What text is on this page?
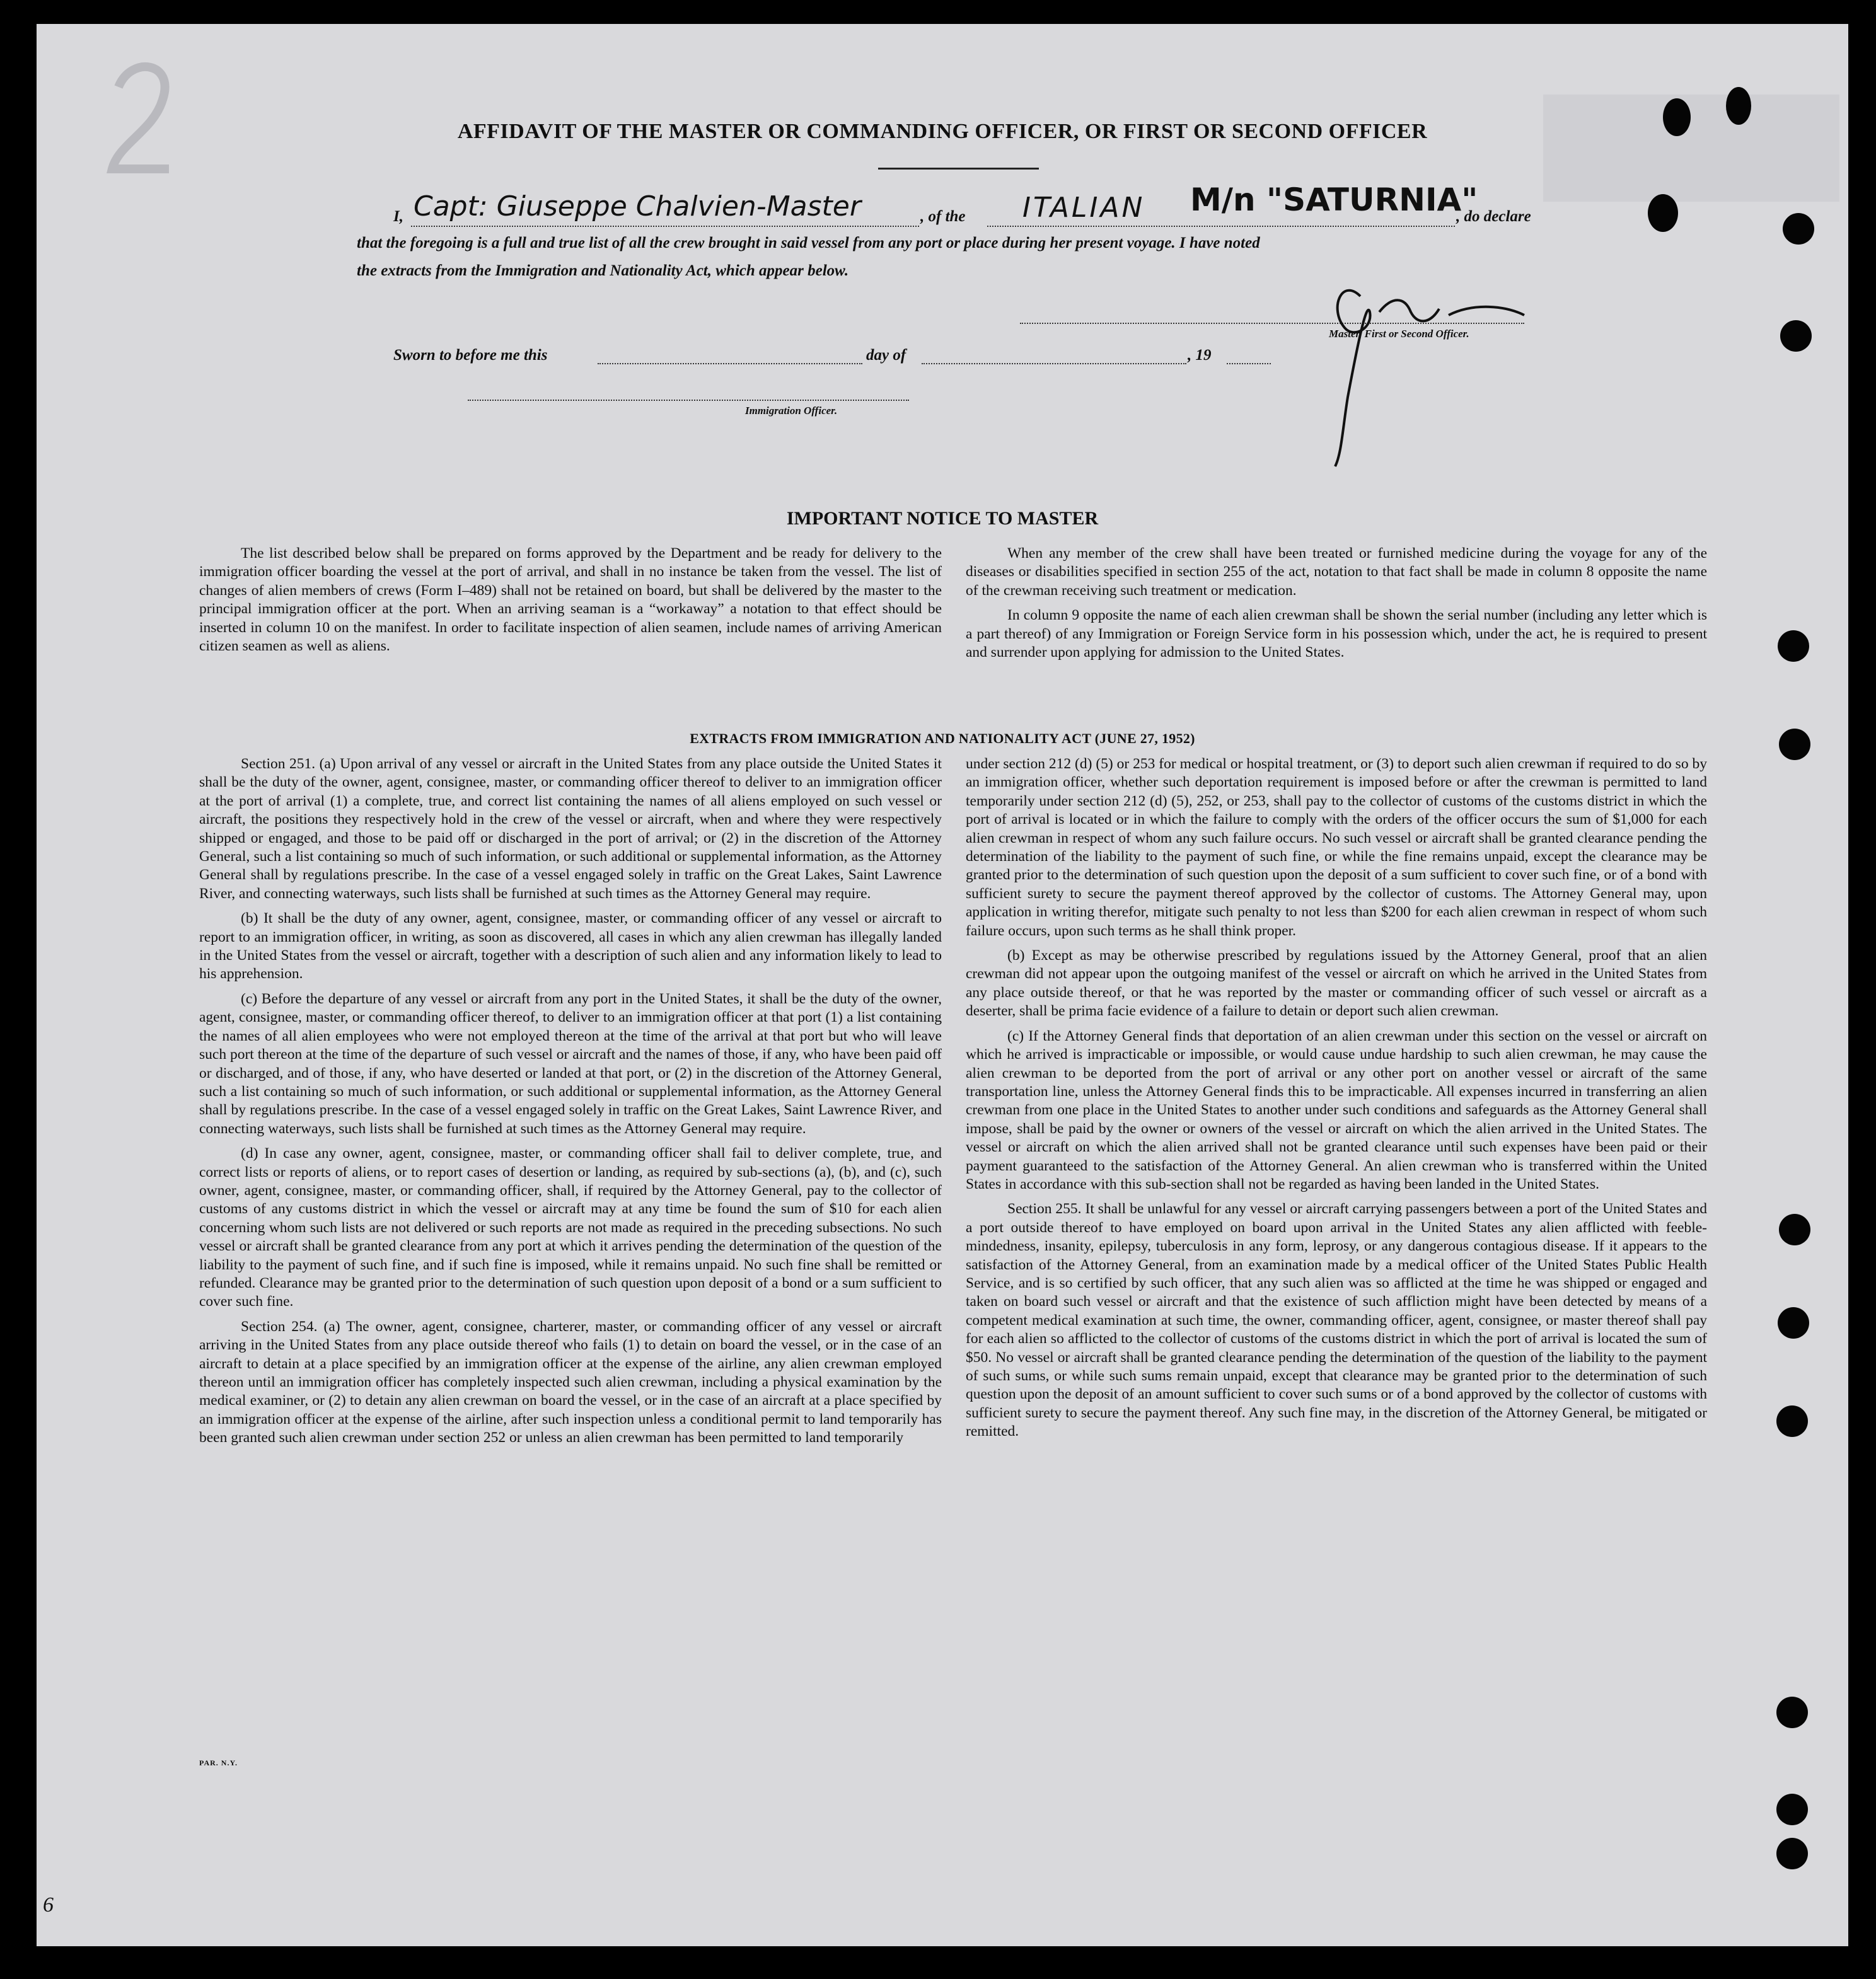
AFFIDAVIT OF THE MASTER OR COMMANDING OFFICER, OR FIRST OR SECOND OFFICER
I, Capt: Giuseppe Chalvien-Master	, of the ITALIAN M/n "SATURNIA"
, do declare
that the foregoing is a full and true list of all the crew brought in said vessel from any port or place during her present voyage. I have noted
the extracts from the Immigration and Nationality Act, which appear below.
Master, First or Second Officer.
Sworn to before me this	day of	, 19
Immigration Officer.
IMPORTANT NOTICE TO MASTER

The list described below shall be prepared on forms approved by the Department and be ready for delivery to the immigration officer boarding the vessel at the port of arrival, and shall in no instance be taken from the vessel. The list of changes of alien members of crews (Form I–489) shall not be retained on board, but shall be delivered by the master to the principal immigration officer at the port. When an arriving seaman is a “workaway” a notation to that effect should be inserted in column 10 on the manifest. In order to facilitate inspection of alien seamen, include names of arriving American citizen seamen as well as aliens.

When any member of the crew shall have been treated or furnished medicine during the voyage for any of the diseases or disabilities specified in section 255 of the act, notation to that fact shall be made in column 8 opposite the name of the crewman receiving such treatment or medication.

In column 9 opposite the name of each alien crewman shall be shown the serial number (including any letter which is a part thereof) of any Immigration or Foreign Service form in his possession which, under the act, he is required to present and surrender upon applying for admission to the United States.

EXTRACTS FROM IMMIGRATION AND NATIONALITY ACT (JUNE 27, 1952)

Section 251. (a) Upon arrival of any vessel or aircraft in the United States from any place outside the United States it shall be the duty of the owner, agent, consignee, master, or commanding officer thereof to deliver to an immigration officer at the port of arrival (1) a complete, true, and correct list containing the names of all aliens employed on such vessel or aircraft, the positions they respectively hold in the crew of the vessel or aircraft, when and where they were respectively shipped or engaged, and those to be paid off or discharged in the port of arrival; or (2) in the discretion of the Attorney General, such a list containing so much of such information, or such additional or supplemental information, as the Attorney General shall by regulations prescribe. In the case of a vessel engaged solely in traffic on the Great Lakes, Saint Lawrence River, and connecting waterways, such lists shall be furnished at such times as the Attorney General may require.

(b) It shall be the duty of any owner, agent, consignee, master, or commanding officer of any vessel or aircraft to report to an immigration officer, in writing, as soon as discovered, all cases in which any alien crewman has illegally landed in the United States from the vessel or aircraft, together with a description of such alien and any information likely to lead to his apprehension.

(c) Before the departure of any vessel or aircraft from any port in the United States, it shall be the duty of the owner, agent, consignee, master, or commanding officer thereof, to deliver to an immigration officer at that port (1) a list containing the names of all alien employees who were not employed thereon at the time of the arrival at that port but who will leave such port thereon at the time of the departure of such vessel or aircraft and the names of those, if any, who have been paid off or discharged, and of those, if any, who have deserted or landed at that port, or (2) in the discretion of the Attorney General, such a list containing so much of such information, or such additional or supplemental information, as the Attorney General shall by regulations prescribe. In the case of a vessel engaged solely in traffic on the Great Lakes, Saint Lawrence River, and connecting waterways, such lists shall be furnished at such times as the Attorney General may require.

(d) In case any owner, agent, consignee, master, or commanding officer shall fail to deliver complete, true, and correct lists or reports of aliens, or to report cases of desertion or landing, as required by sub-sections (a), (b), and (c), such owner, agent, consignee, master, or commanding officer, shall, if required by the Attorney General, pay to the collector of customs of any customs district in which the vessel or aircraft may at any time be found the sum of $10 for each alien concerning whom such lists are not delivered or such reports are not made as required in the preceding subsections. No such vessel or aircraft shall be granted clearance from any port at which it arrives pending the determination of the question of the liability to the payment of such fine, and if such fine is imposed, while it remains unpaid. No such fine shall be remitted or refunded. Clearance may be granted prior to the determination of such question upon deposit of a bond or a sum sufficient to cover such fine.

Section 254. (a) The owner, agent, consignee, charterer, master, or commanding officer of any vessel or aircraft arriving in the United States from any place outside thereof who fails (1) to detain on board the vessel, or in the case of an aircraft to detain at a place specified by an immigration officer at the expense of the airline, any alien crewman employed thereon until an immigration officer has completely inspected such alien crewman, including a physical examination by the medical examiner, or (2) to detain any alien crewman on board the vessel, or in the case of an aircraft at a place specified by an immigration officer at the expense of the airline, after such inspection unless a conditional permit to land temporarily has been granted such alien crewman under section 252 or unless an alien crewman has been permitted to land temporarily

under section 212 (d) (5) or 253 for medical or hospital treatment, or (3) to deport such alien crewman if required to do so by an immigration officer, whether such deportation requirement is imposed before or after the crewman is permitted to land temporarily under section 212 (d) (5), 252, or 253, shall pay to the collector of customs of the customs district in which the port of arrival is located or in which the failure to comply with the orders of the officer occurs the sum of $1,000 for each alien crewman in respect of whom any such failure occurs. No such vessel or aircraft shall be granted clearance pending the determination of the liability to the payment of such fine, or while the fine remains unpaid, except the clearance may be granted prior to the determination of such question upon the deposit of a sum sufficient to cover such fine, or of a bond with sufficient surety to secure the payment thereof approved by the collector of customs. The Attorney General may, upon application in writing therefor, mitigate such penalty to not less than $200 for each alien crewman in respect of whom such failure occurs, upon such terms as he shall think proper.

(b) Except as may be otherwise prescribed by regulations issued by the Attorney General, proof that an alien crewman did not appear upon the outgoing manifest of the vessel or aircraft on which he arrived in the United States from any place outside thereof, or that he was reported by the master or commanding officer of such vessel or aircraft as a deserter, shall be prima facie evidence of a failure to detain or deport such alien crewman.

(c) If the Attorney General finds that deportation of an alien crewman under this section on the vessel or aircraft on which he arrived is impracticable or impossible, or would cause undue hardship to such alien crewman, he may cause the alien crewman to be deported from the port of arrival or any other port on another vessel or aircraft of the same transportation line, unless the Attorney General finds this to be impracticable. All expenses incurred in transferring an alien crewman from one place in the United States to another under such conditions and safeguards as the Attorney General shall impose, shall be paid by the owner or owners of the vessel or aircraft on which the alien arrived in the United States. The vessel or aircraft on which the alien arrived shall not be granted clearance until such expenses have been paid or their payment guaranteed to the satisfaction of the Attorney General. An alien crewman who is transferred within the United States in accordance with this sub-section shall not be regarded as having been landed in the United States.

Section 255. It shall be unlawful for any vessel or aircraft carrying passengers between a port of the United States and a port outside thereof to have employed on board upon arrival in the United States any alien afflicted with feeble-mindedness, insanity, epilepsy, tuberculosis in any form, leprosy, or any dangerous contagious disease. If it appears to the satisfaction of the Attorney General, from an examination made by a medical officer of the United States Public Health Service, and is so certified by such officer, that any such alien was so afflicted at the time he was shipped or engaged and taken on board such vessel or aircraft and that the existence of such affliction might have been detected by means of a competent medical examination at such time, the owner, commanding officer, agent, consignee, or master thereof shall pay for each alien so afflicted to the collector of customs of the customs district in which the port of arrival is located the sum of $50. No vessel or aircraft shall be granted clearance pending the determination of the question of the liability to the payment of such sums, or while such sums remain unpaid, except that clearance may be granted prior to the determination of such question upon the deposit of an amount sufficient to cover such sums or of a bond approved by the collector of customs with sufficient surety to secure the payment thereof. Any such fine may, in the discretion of the Attorney General, be mitigated or remitted.

PAR. N.Y.
6
